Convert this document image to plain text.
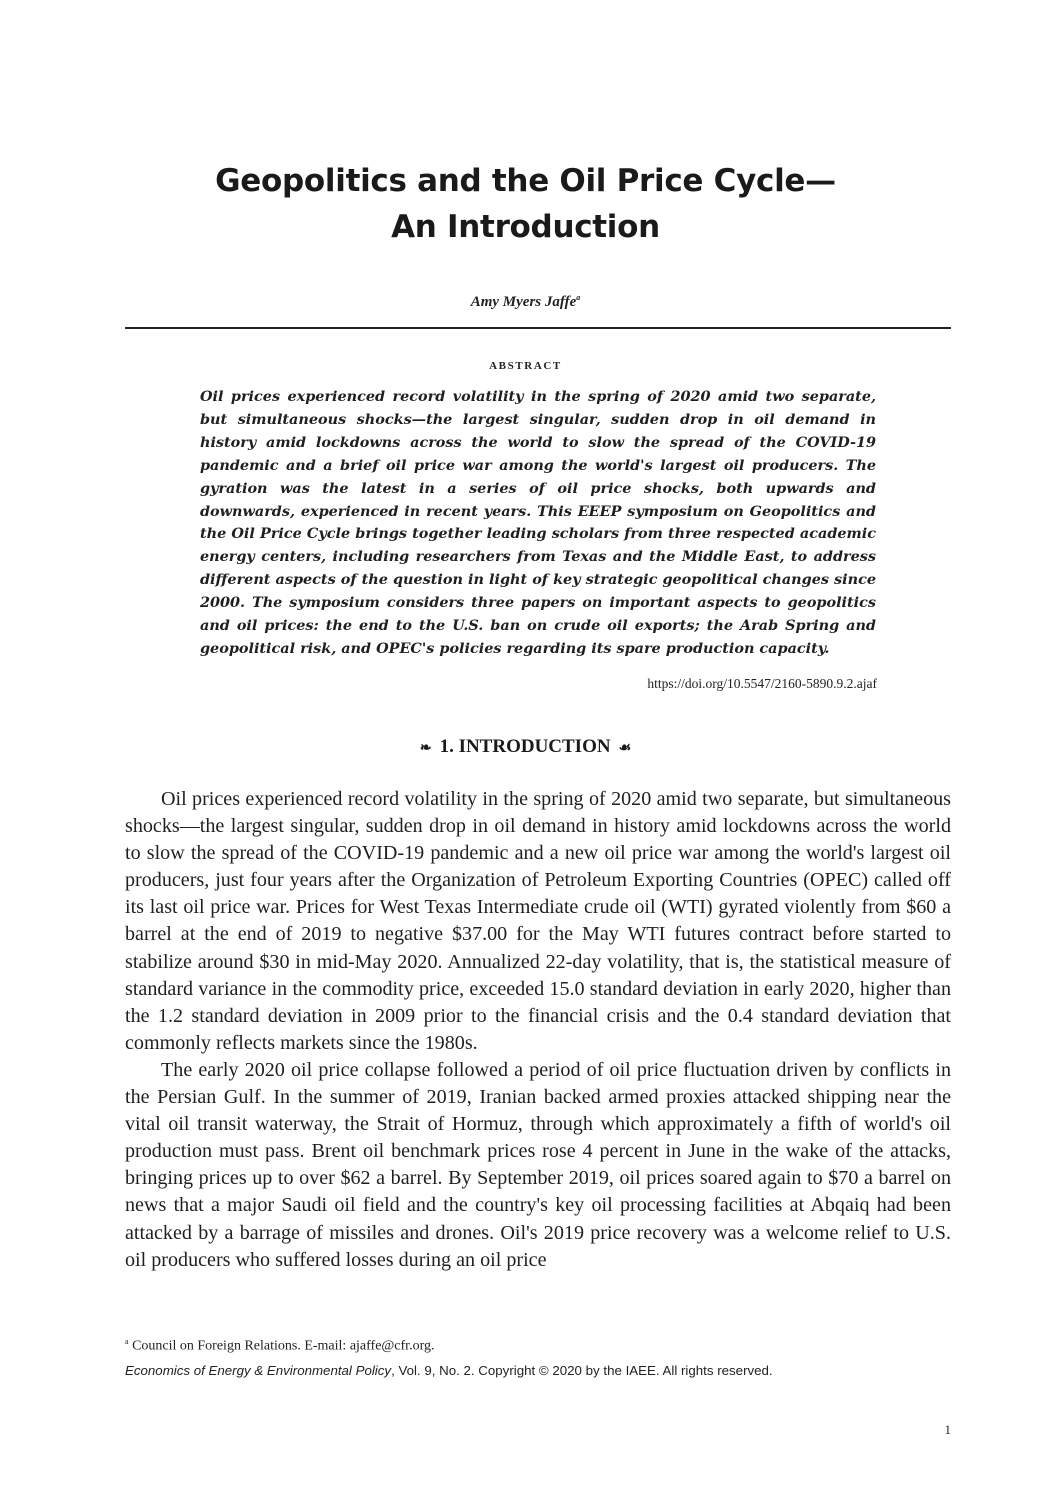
Geopolitics and the Oil Price Cycle—
An Introduction
Amy Myers Jaffe$^a$
ABSTRACT

Oil prices experienced record volatility in the spring of 2020 amid two separate, but simultaneous shocks—the largest singular, sudden drop in oil demand in history amid lockdowns across the world to slow the spread of the COVID-19 pandemic and a brief oil price war among the world's largest oil producers. The gyration was the latest in a series of oil price shocks, both upwards and downwards, experienced in recent years. This EEEP symposium on Geopolitics and the Oil Price Cycle brings together leading scholars from three respected academic energy centers, including researchers from Texas and the Middle East, to address different aspects of the question in light of key strategic geopolitical changes since 2000. The symposium considers three papers on important aspects to geopolitics and oil prices: the end to the U.S. ban on crude oil exports; the Arab Spring and geopolitical risk, and OPEC's policies regarding its spare production capacity.

https://doi.org/10.5547/2160-5890.9.2.ajaf
❧ 1. INTRODUCTION ☙

Oil prices experienced record volatility in the spring of 2020 amid two separate, but simultaneous shocks—the largest singular, sudden drop in oil demand in history amid lockdowns across the world to slow the spread of the COVID-19 pandemic and a new oil price war among the world's largest oil producers, just four years after the Organization of Petroleum Exporting Countries (OPEC) called off its last oil price war. Prices for West Texas Intermediate crude oil (WTI) gyrated violently from $60 a barrel at the end of 2019 to negative $37.00 for the May WTI futures contract before started to stabilize around $30 in mid-May 2020. Annualized 22-day volatility, that is, the statistical measure of standard variance in the commodity price, exceeded 15.0 standard deviation in early 2020, higher than the 1.2 standard deviation in 2009 prior to the financial crisis and the 0.4 standard deviation that commonly reflects markets since the 1980s.

The early 2020 oil price collapse followed a period of oil price fluctuation driven by conflicts in the Persian Gulf. In the summer of 2019, Iranian backed armed proxies attacked shipping near the vital oil transit waterway, the Strait of Hormuz, through which approximately a fifth of world's oil production must pass. Brent oil benchmark prices rose 4 percent in June in the wake of the attacks, bringing prices up to over $62 a barrel. By September 2019, oil prices soared again to $70 a barrel on news that a major Saudi oil field and the country's key oil processing facilities at Abqaiq had been attacked by a barrage of missiles and drones. Oil's 2019 price recovery was a welcome relief to U.S. oil producers who suffered losses during an oil price

$^a$ Council on Foreign Relations. E-mail: ajaffe@cfr.org.
Economics of Energy & Environmental Policy, Vol. 9, No. 2. Copyright © 2020 by the IAEE. All rights reserved.
1
